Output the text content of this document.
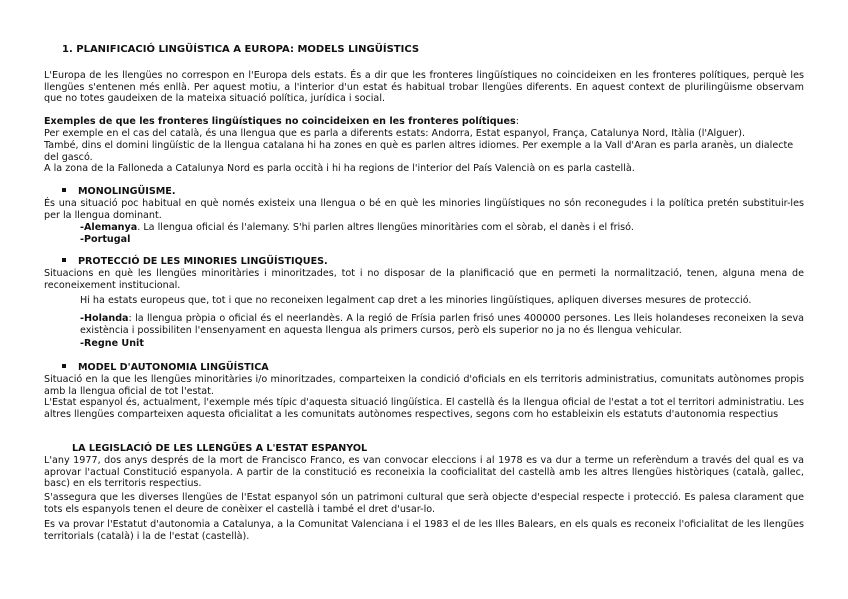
1. PLANIFICACIÓ LINGÜÍSTICA A EUROPA: MODELS LINGÜÍSTICS

L'Europa de les llengües no correspon en l'Europa dels estats. És a dir que les fronteres lingüístiques no coincideixen en les fronteres polítiques, perquè les llengües s'entenen més enllà. Per aquest motiu, a l'interior d'un estat és habitual trobar llengües diferents. En aquest context de plurilingüisme observam que no totes gaudeixen de la mateixa situació política, jurídica i social.

Exemples de que les fronteres lingüístiques no coincideixen en les fronteres polítiques:

Per exemple en el cas del català, és una llengua que es parla a diferents estats: Andorra, Estat espanyol, França, Catalunya Nord, Itàlia (l'Alguer).

També, dins el domini lingüístic de la llengua catalana hi ha zones en què es parlen altres idiomes. Per exemple a la Vall d'Aran es parla aranès, un dialecte del gascó.

A la zona de la Falloneda a Catalunya Nord es parla occità i hi ha regions de l'interior del País Valencià on es parla castellà.

MONOLINGÜISME.

És una situació poc habitual en què només existeix una llengua o bé en què les minories lingüístiques no són reconegudes i la política pretén substituir-les per la llengua dominant.

-Alemanya. La llengua oficial és l'alemany. S'hi parlen altres llengües minoritàries com el sòrab, el danès i el frisó.

-Portugal

PROTECCIÓ DE LES MINORIES LINGÜÍSTIQUES.

Situacions en què les llengües minoritàries i minoritzades, tot i no disposar de la planificació que en permeti la normalització, tenen, alguna mena de reconeixement institucional.

Hi ha estats europeus que, tot i que no reconeixen legalment cap dret a les minories lingüístiques, apliquen diverses mesures de protecció.

-Holanda: la llengua pròpia o oficial és el neerlandès. A la regió de Frísia parlen frisó unes 400000 persones. Les lleis holandeses reconeixen la seva existència i possibiliten l'ensenyament en aquesta llengua als primers cursos, però els superior no ja no és llengua vehicular.

-Regne Unit

MODEL D'AUTONOMIA LINGÜÍSTICA

Situació en la que les llengües minoritàries i/o minoritzades, comparteixen la condició d'oficials en els territoris administratius, comunitats autònomes propis amb la llengua oficial de tot l'estat.

L'Estat espanyol és, actualment, l'exemple més típic d'aquesta situació lingüística. El castellà és la llengua oficial de l'estat a tot el territori administratiu. Les altres llengües comparteixen aquesta oficialitat a les comunitats autònomes respectives, segons com ho estableixin els estatuts d'autonomia respectius

LA LEGISLACIÓ DE LES LLENGÜES A L'ESTAT ESPANYOL

L'any 1977, dos anys després de la mort de Francisco Franco, es van convocar eleccions i al 1978 es va dur a terme un referèndum a través del qual es va aprovar l'actual Constitució espanyola. A partir de la constitució es reconeixia la cooficialitat del castellà amb les altres llengües històriques (català, gallec, basc) en els territoris respectius.

S'assegura que les diverses llengües de l'Estat espanyol són un patrimoni cultural que serà objecte d'especial respecte i protecció. Es palesa clarament que tots els espanyols tenen el deure de conèixer el castellà i també el dret d'usar-lo.

Es va provar l'Estatut d'autonomia a Catalunya, a la Comunitat Valenciana i el 1983 el de les Illes Balears, en els quals es reconeix l'oficialitat de les llengües territorials (català) i la de l'estat (castellà).
